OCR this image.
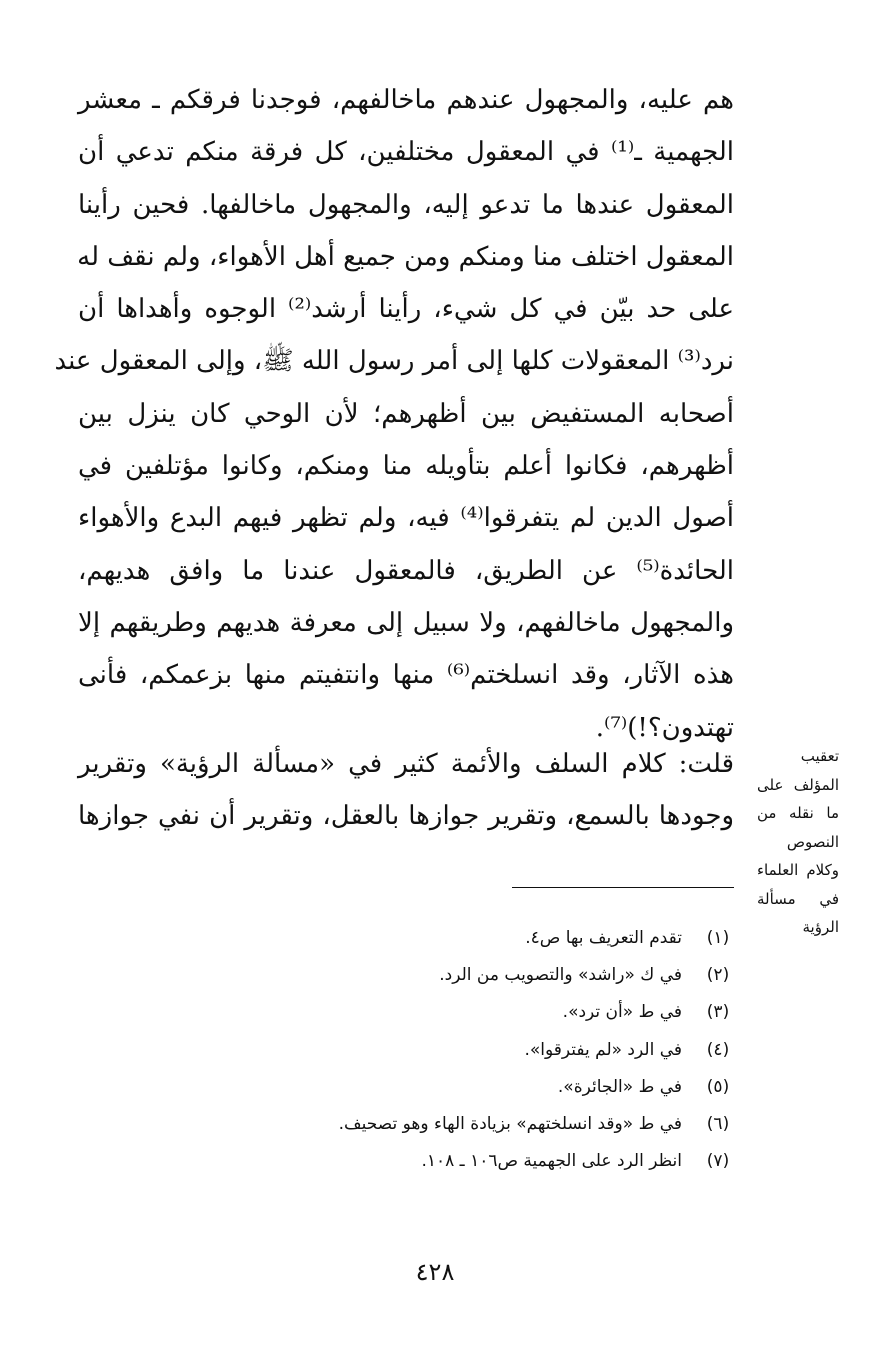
هم عليه، والمجهول عندهم ماخالفهم، فوجدنا فرقكم ـ معشر
الجهمية ـ⁽¹⁾ في المعقول مختلفين، كل فرقة منكم تدعي أن
المعقول عندها ما تدعو إليه، والمجهول ماخالفها. فحين رأينا
المعقول اختلف منا ومنكم ومن جميع أهل الأهواء، ولم نقف له
على حد بيّن في كل شيء، رأينا أرشد⁽²⁾ الوجوه وأهداها أن
نرد⁽³⁾ المعقولات كلها إلى أمر رسول الله ﷺ، وإلى المعقول عند
أصحابه المستفيض بين أظهرهم؛ لأن الوحي كان ينزل بين
أظهرهم، فكانوا أعلم بتأويله منا ومنكم، وكانوا مؤتلفين في
أصول الدين لم يتفرقوا⁽⁴⁾ فيه، ولم تظهر فيهم البدع والأهواء
الحائدة⁽⁵⁾ عن الطريق، فالمعقول عندنا ما وافق هديهم،
والمجهول ماخالفهم، ولا سبيل إلى معرفة هديهم وطريقهم إلا
هذه الآثار، وقد انسلختم⁽⁶⁾ منها وانتفيتم منها بزعمكم، فأنى
تهتدون؟!)⁽⁷⁾.
قلت: كلام السلف والأئمة كثير في «مسألة الرؤية» وتقرير
وجودها بالسمع، وتقرير جوازها بالعقل، وتقرير أن نفي جوازها
تعقيب
المؤلف على
ما نقله من
النصوص
وكلام العلماء
في مسألة
الرؤية
(١)
تقدم التعريف بها ص٤.
(٢)
في ك «راشد» والتصويب من الرد.
(٣)
في ط «أن ترد».
(٤)
في الرد «لم يفترقوا».
(٥)
في ط «الجائرة».
(٦)
في ط «وقد انسلختهم» بزيادة الهاء وهو تصحيف.
(٧)
انظر الرد على الجهمية ص١٠٦ ـ ١٠٨.
٤٢٨
